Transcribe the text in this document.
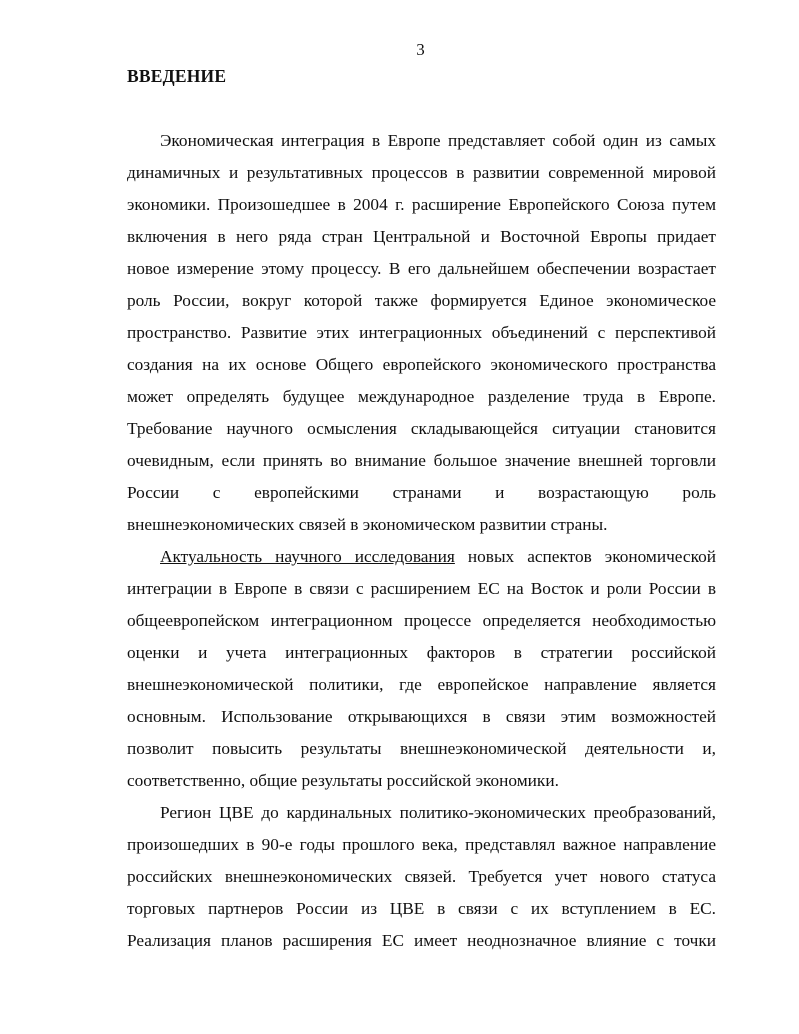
3
ВВЕДЕНИЕ
Экономическая интеграция в Европе представляет собой один из самых
динамичных и результативных процессов в развитии современной мировой
экономики. Произошедшее в 2004 г. расширение Европейского Союза путем
включения в него ряда стран Центральной и Восточной Европы придает
новое измерение этому процессу. В его дальнейшем обеспечении возрастает
роль России, вокруг которой также формируется Единое экономическое
пространство. Развитие этих интеграционных объединений с перспективой
создания на их основе Общего европейского экономического пространства
может определять будущее международное разделение труда в Европе.
Требование научного осмысления складывающейся ситуации становится
очевидным, если принять во внимание большое значение внешней торговли
России с европейскими странами и возрастающую роль
внешнеэкономических связей в экономическом развитии страны.
Актуальность научного исследования новых аспектов экономической
интеграции в Европе в связи с расширением ЕС на Восток и роли России в
общеевропейском интеграционном процессе определяется необходимостью
оценки и учета интеграционных факторов в стратегии российской
внешнеэкономической политики, где европейское направление является
основным. Использование открывающихся в связи этим возможностей
позволит повысить результаты внешнеэкономической деятельности и,
соответственно, общие результаты российской экономики.
Регион ЦВЕ до кардинальных политико-экономических преобразований,
произошедших в 90-е годы прошлого века, представлял важное направление
российских внешнеэкономических связей. Требуется учет нового статуса
торговых партнеров России из ЦВЕ в связи с их вступлением в ЕС.
Реализация планов расширения ЕС имеет неоднозначное влияние с точки
